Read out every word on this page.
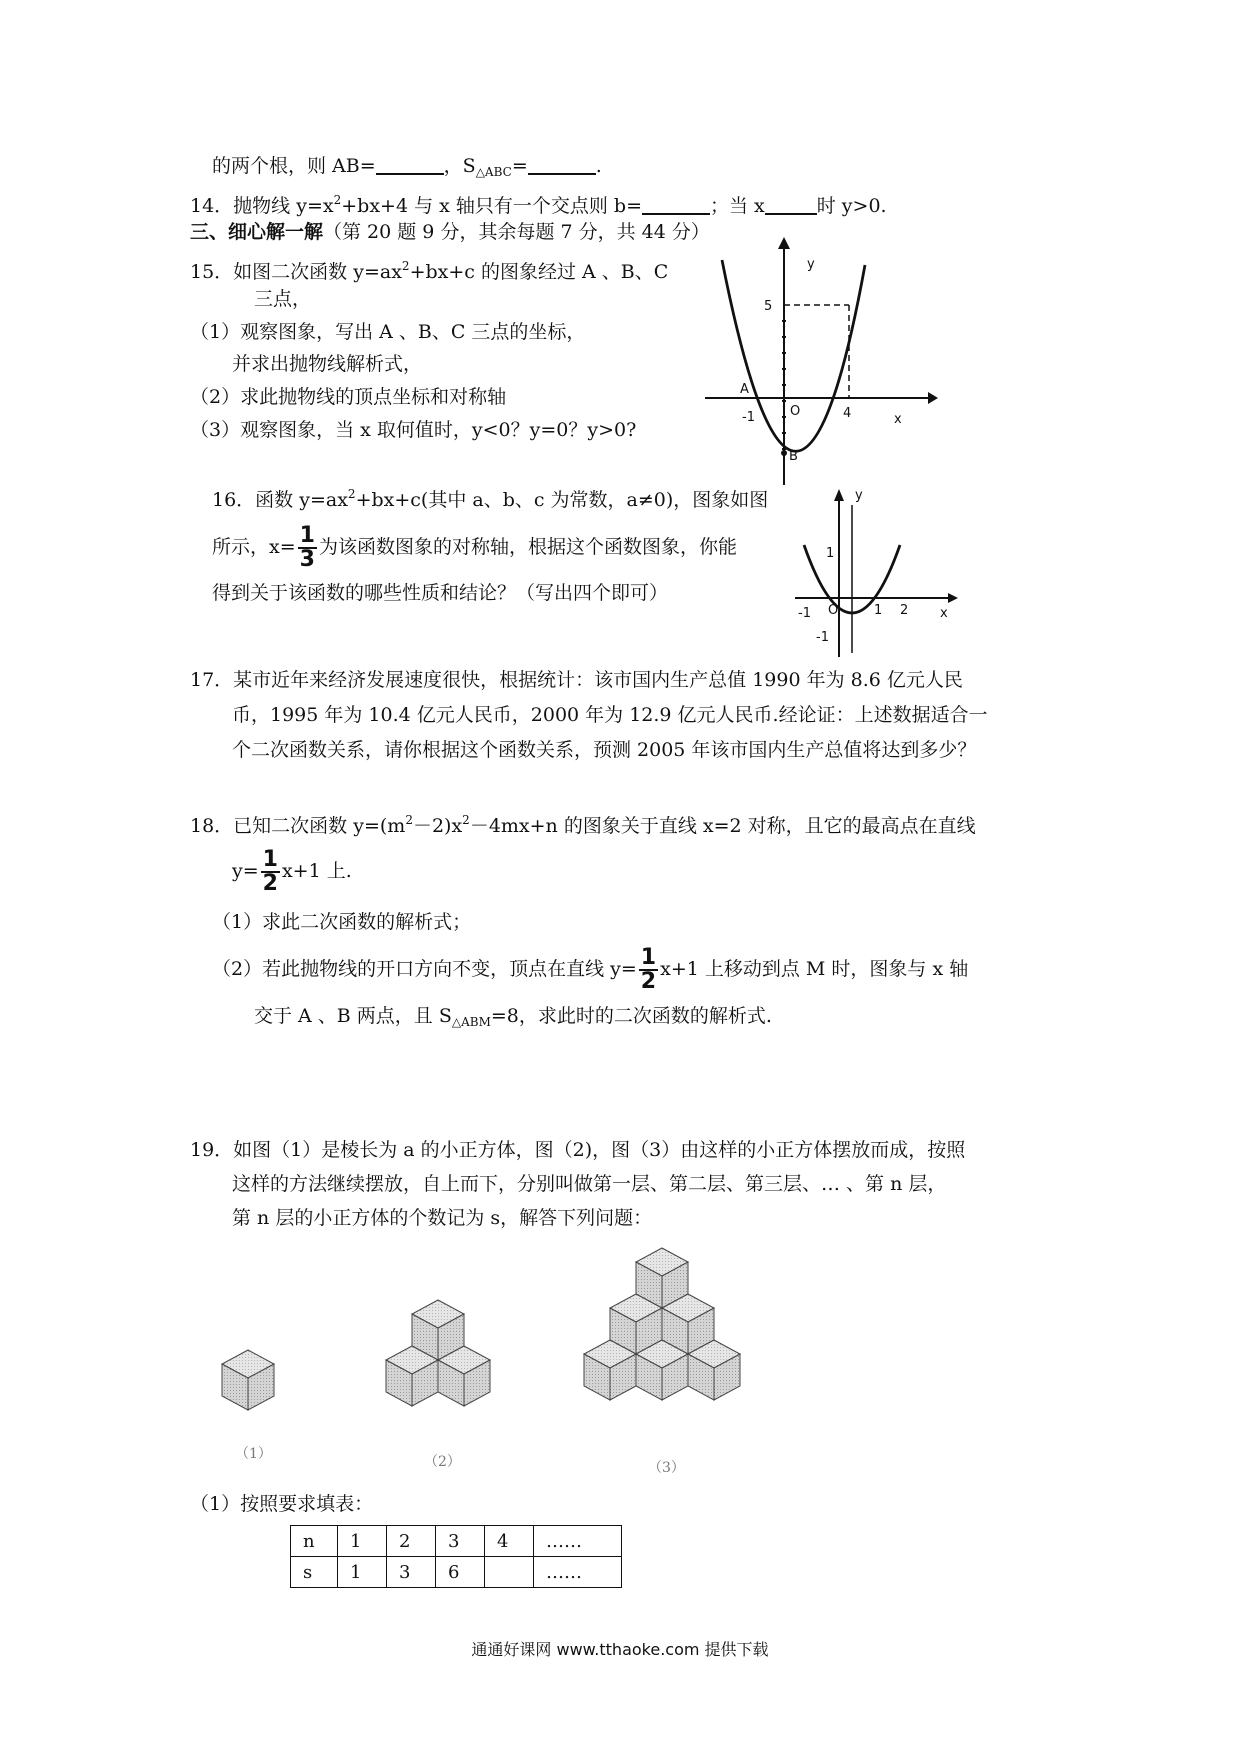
的两个根，则 AB=	，$S_{\triangle ABC}=$	.
14．抛物线 $y=x^2+bx+4$ 与 x 轴只有一个交点则 b=	；当 x	时 y>0.
三、细心解一解（第 20 题 9 分，其余每题 7 分，共 44 分）
15．如图二次函数 $y=ax^2+bx+c$ 的图象经过 A 、B、C
三点，
（1）观察图象，写出 A 、B、C 三点的坐标，
并求出抛物线解析式，
（2）求此抛物线的顶点坐标和对称轴
（3）观察图象，当 x 取何值时，y<0？y=0？y>0?
y
x
5
4
-1	O
A
B
16．函数 $y=ax^2+bx+c$(其中 a、b、c 为常数，a≠0)，图象如图
所示，$x= \frac{1}{3}$ 为该函数图象的对称轴，根据这个函数图象，你能
得到关于该函数的哪些性质和结论？（写出四个即可）
y
x
1
-1
-1
O	1 2
17．某市近年来经济发展速度很快，根据统计：该市国内生产总值 1990 年为 8.6 亿元人民
币，1995 年为 10.4 亿元人民币，2000 年为 12.9 亿元人民币.经论证：上述数据适合一
个二次函数关系，请你根据这个函数关系，预测 2005 年该市国内生产总值将达到多少？
18．已知二次函数 $y=(m^2-2)x^2-4mx+n$ 的图象关于直线 x=2 对称，且它的最高点在直线
$y= \frac{1}{2} x+1$ 上.
（1）求此二次函数的解析式；
（2）若此抛物线的开口方向不变，顶点在直线 $y= \frac{1}{2} x+1$ 上移动到点 M 时，图象与 x 轴
交于 A 、B 两点，且 $S_{\triangle ABM}=8$，求此时的二次函数的解析式.
19．如图（1）是棱长为 a 的小正方体，图（2)，图（3）由这样的小正方体摆放而成，按照
这样的方法继续摆放，自上而下，分别叫做第一层、第二层、第三层、… 、第 n 层，
第 n 层的小正方体的个数记为 s，解答下列问题：
（1）	（2）	（3）
（1）按照要求填表：
n	1	2	3	4	……
s	1	3	6		……
通通好课网 www.tthaoke.com 提供下载
